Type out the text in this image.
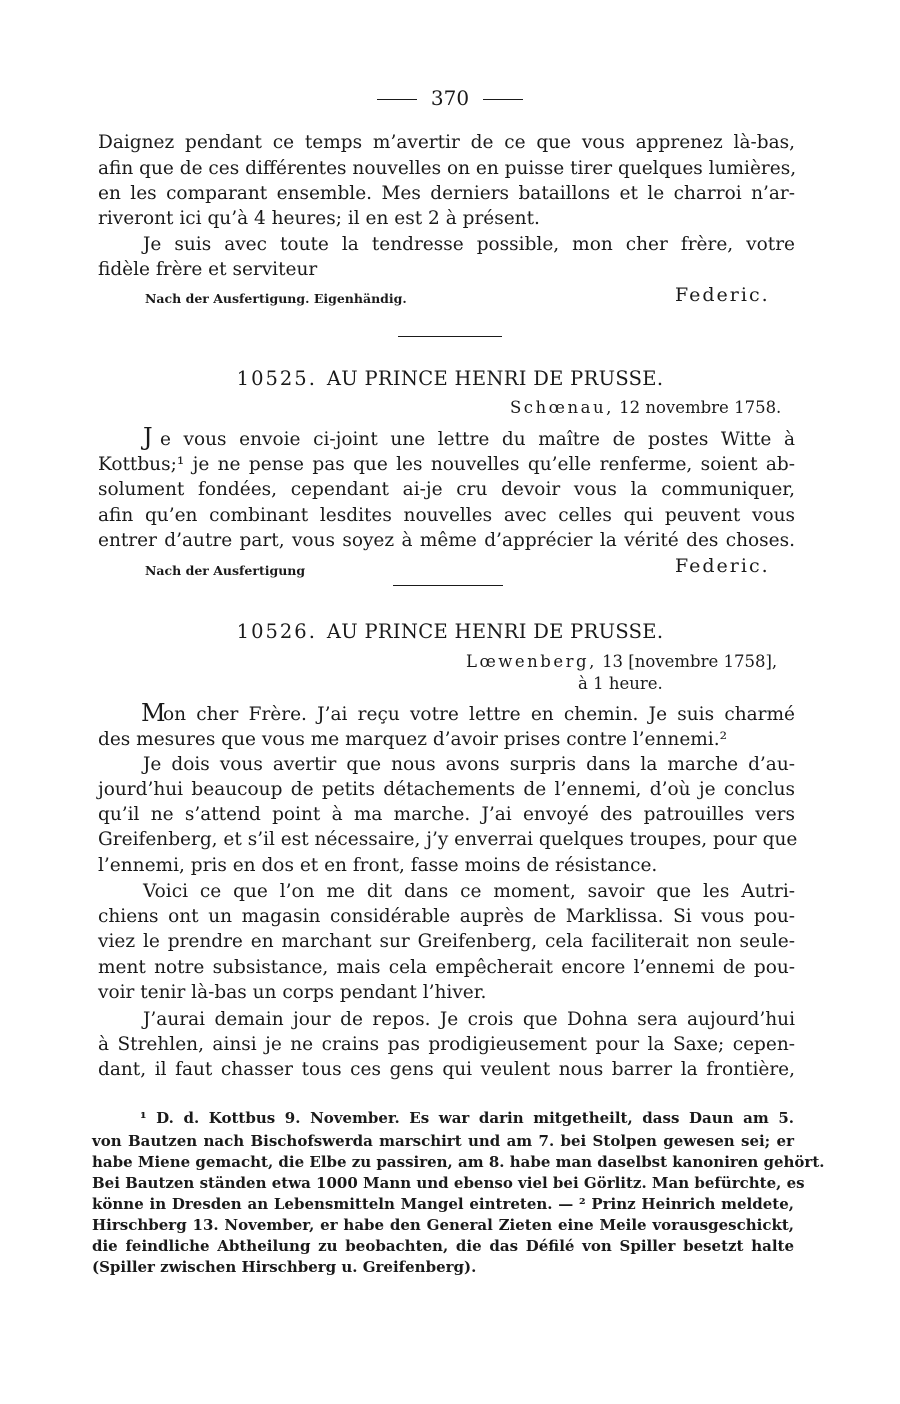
370
Daignez pendant ce temps m’avertir de ce que vous apprenez là-bas,
afin que de ces différentes nouvelles on en puisse tirer quelques lumières,
en les comparant ensemble. Mes derniers bataillons et le charroi n’ar-
riveront ici qu’à 4 heures; il en est 2 à présent.
Je suis avec toute la tendresse possible, mon cher frère, votre
fidèle frère et serviteur
Nach der Ausfertigung. Eigenhändig.	Federic.
10525. AU PRINCE HENRI DE PRUSSE.
Schœnau, 12 novembre 1758.
J e vous envoie ci-joint une lettre du maître de postes Witte à
Kottbus;¹ je ne pense pas que les nouvelles qu’elle renferme, soient ab-
solument fondées, cependant ai-je cru devoir vous la communiquer,
afin qu’en combinant lesdites nouvelles avec celles qui peuvent vous
entrer d’autre part, vous soyez à même d’apprécier la vérité des choses.
Nach der Ausfertigung	Federic.
10526. AU PRINCE HENRI DE PRUSSE.
Lœwenberg, 13 [novembre 1758],
à 1 heure.
M
on cher Frère. J’ai reçu votre lettre en chemin. Je suis charmé
des mesures que vous me marquez d’avoir prises contre l’ennemi.²
Je dois vous avertir que nous avons surpris dans la marche d’au-
jourd’hui beaucoup de petits détachements de l’ennemi, d’où je conclus
qu’il ne s’attend point à ma marche. J’ai envoyé des patrouilles vers
Greifenberg, et s’il est nécessaire, j’y enverrai quelques troupes, pour que
l’ennemi, pris en dos et en front, fasse moins de résistance.
Voici ce que l’on me dit dans ce moment, savoir que les Autri-
chiens ont un magasin considérable auprès de Marklissa. Si vous pou-
viez le prendre en marchant sur Greifenberg, cela faciliterait non seule-
ment notre subsistance, mais cela empêcherait encore l’ennemi de pou-
voir tenir là-bas un corps pendant l’hiver.
J’aurai demain jour de repos. Je crois que Dohna sera aujourd’hui
à Strehlen, ainsi je ne crains pas prodigieusement pour la Saxe; cepen-
dant, il faut chasser tous ces gens qui veulent nous barrer la frontière,
¹ D. d. Kottbus 9. November. Es war darin mitgetheilt, dass Daun am 5.
von Bautzen nach Bischofswerda marschirt und am 7. bei Stolpen gewesen sei; er
habe Miene gemacht, die Elbe zu passiren, am 8. habe man daselbst kanoniren gehört.
Bei Bautzen ständen etwa 1000 Mann und ebenso viel bei Görlitz. Man befürchte, es
könne in Dresden an Lebensmitteln Mangel eintreten. — ² Prinz Heinrich meldete,
Hirschberg 13. November, er habe den General Zieten eine Meile vorausgeschickt,
die feindliche Abtheilung zu beobachten, die das Défilé von Spiller besetzt halte
(Spiller zwischen Hirschberg u. Greifenberg).
